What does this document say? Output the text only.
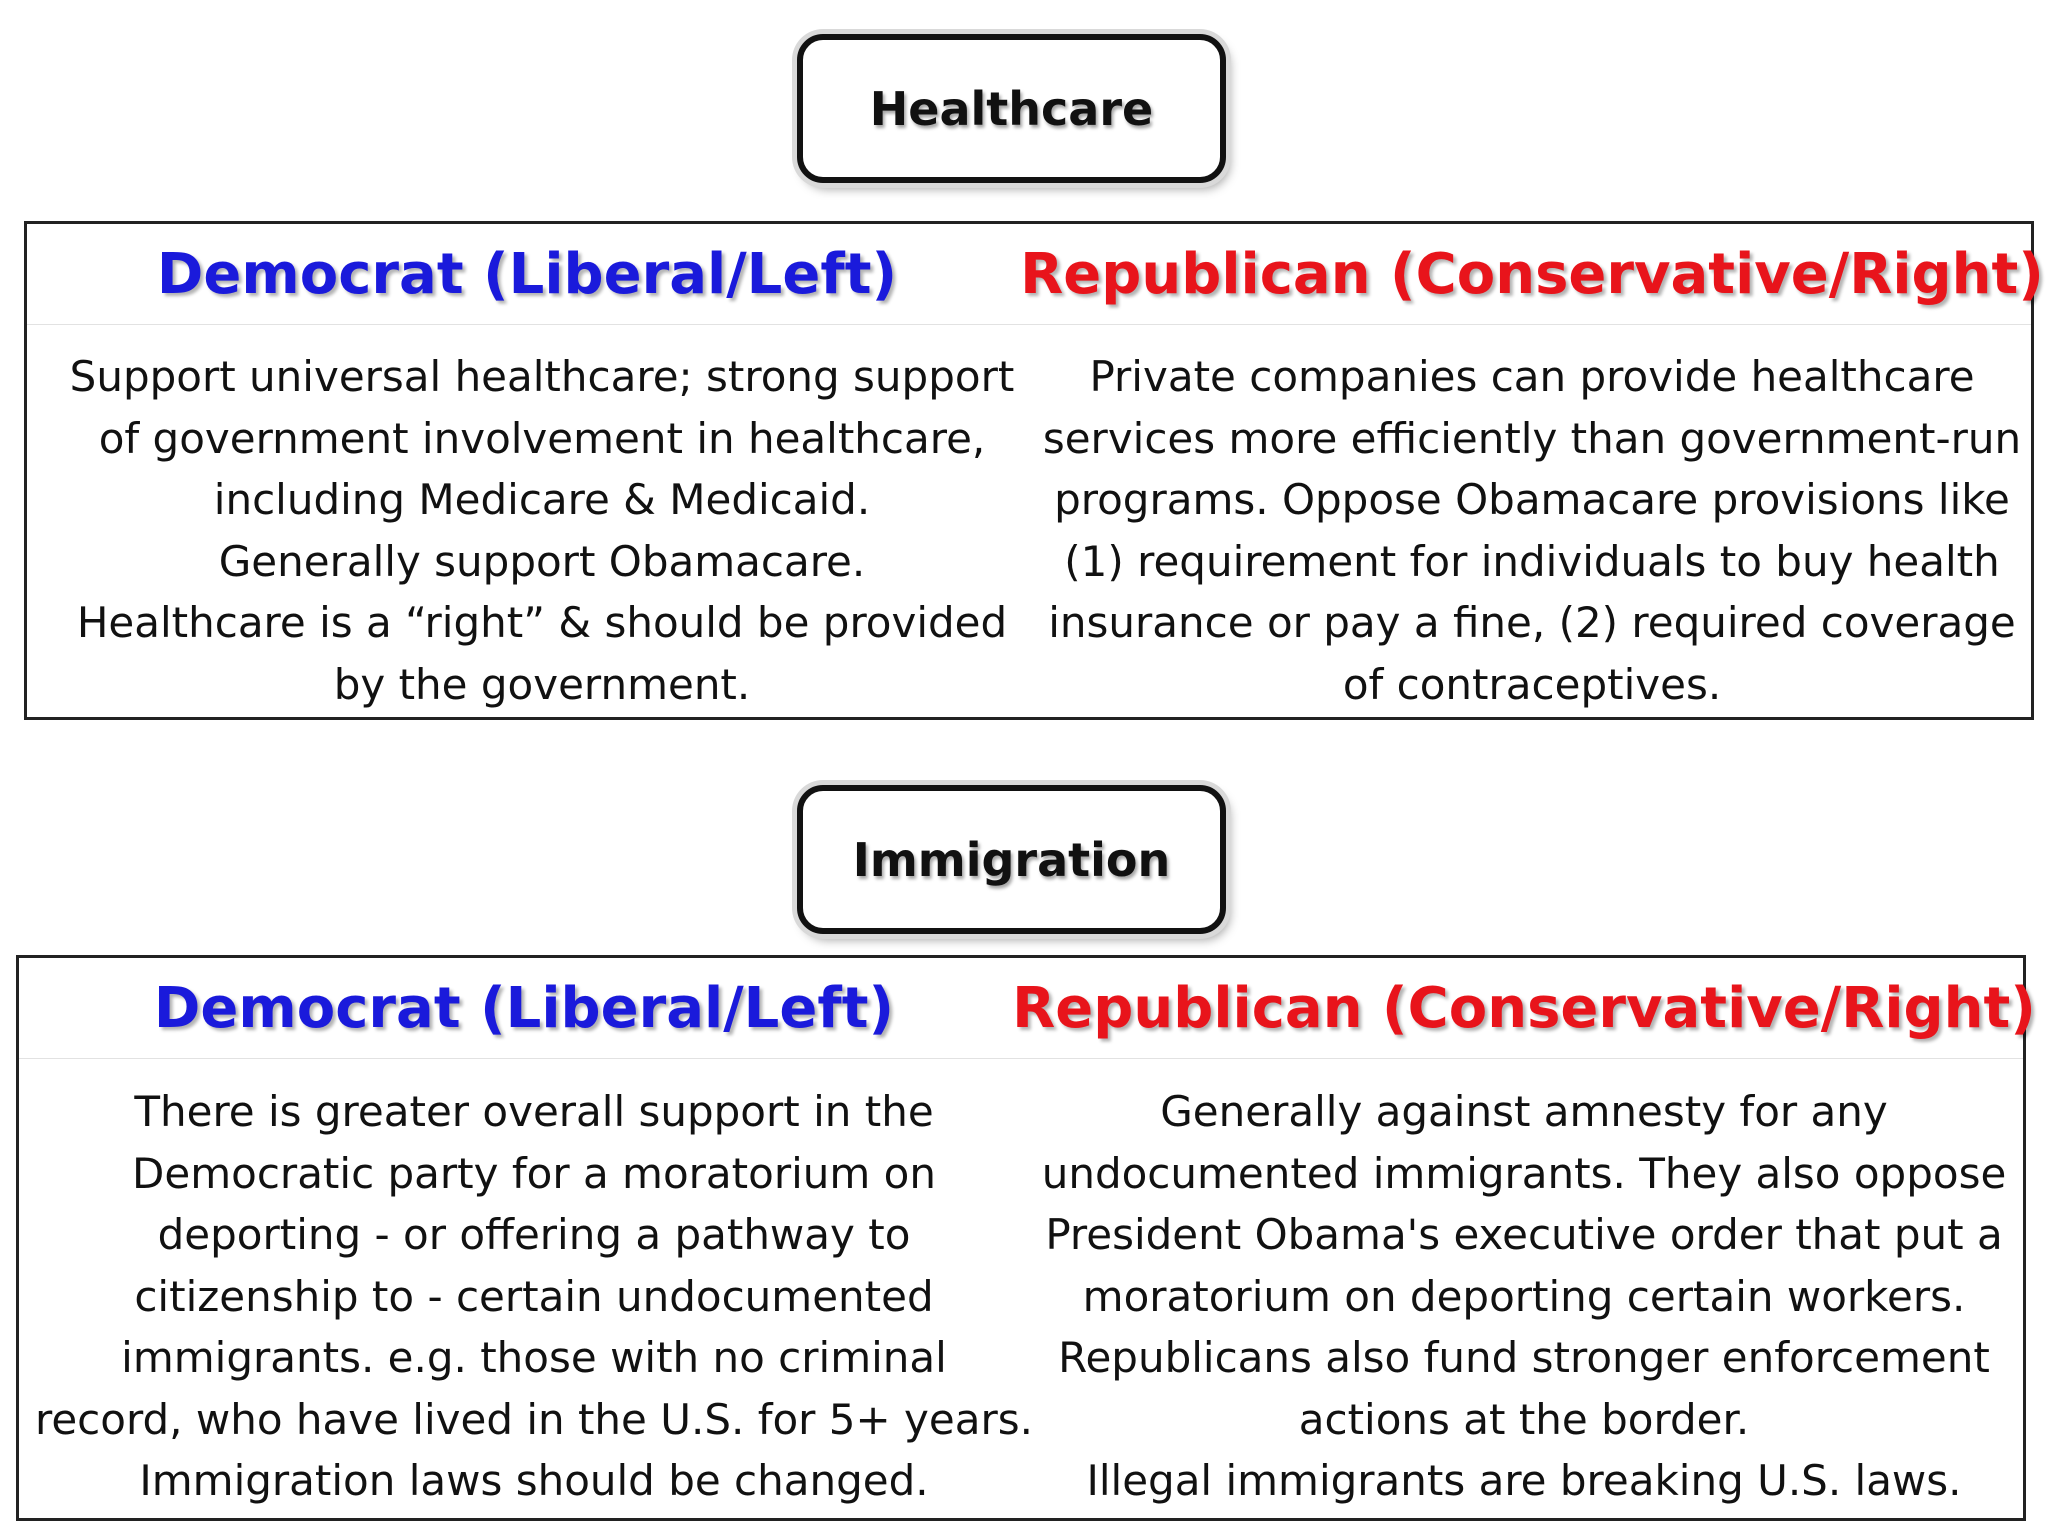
Healthcare
Democrat (Liberal/Left)	Republican (Conservative/Right)
Support universal healthcare; strong support
of government involvement in healthcare,
including Medicare & Medicaid.
Generally support Obamacare.
Healthcare is a “right” & should be provided
by the government.
Private companies can provide healthcare
services more efficiently than government-run
programs. Oppose Obamacare provisions like
(1) requirement for individuals to buy health
insurance or pay a fine, (2) required coverage
of contraceptives.
Immigration
Democrat (Liberal/Left)	Republican (Conservative/Right)
There is greater overall support in the
Democratic party for a moratorium on
deporting - or offering a pathway to
citizenship to - certain undocumented
immigrants. e.g. those with no criminal
record, who have lived in the U.S. for 5+ years.
Immigration laws should be changed.
Generally against amnesty for any
undocumented immigrants. They also oppose
President Obama's executive order that put a
moratorium on deporting certain workers.
Republicans also fund stronger enforcement
actions at the border.
Illegal immigrants are breaking U.S. laws.
